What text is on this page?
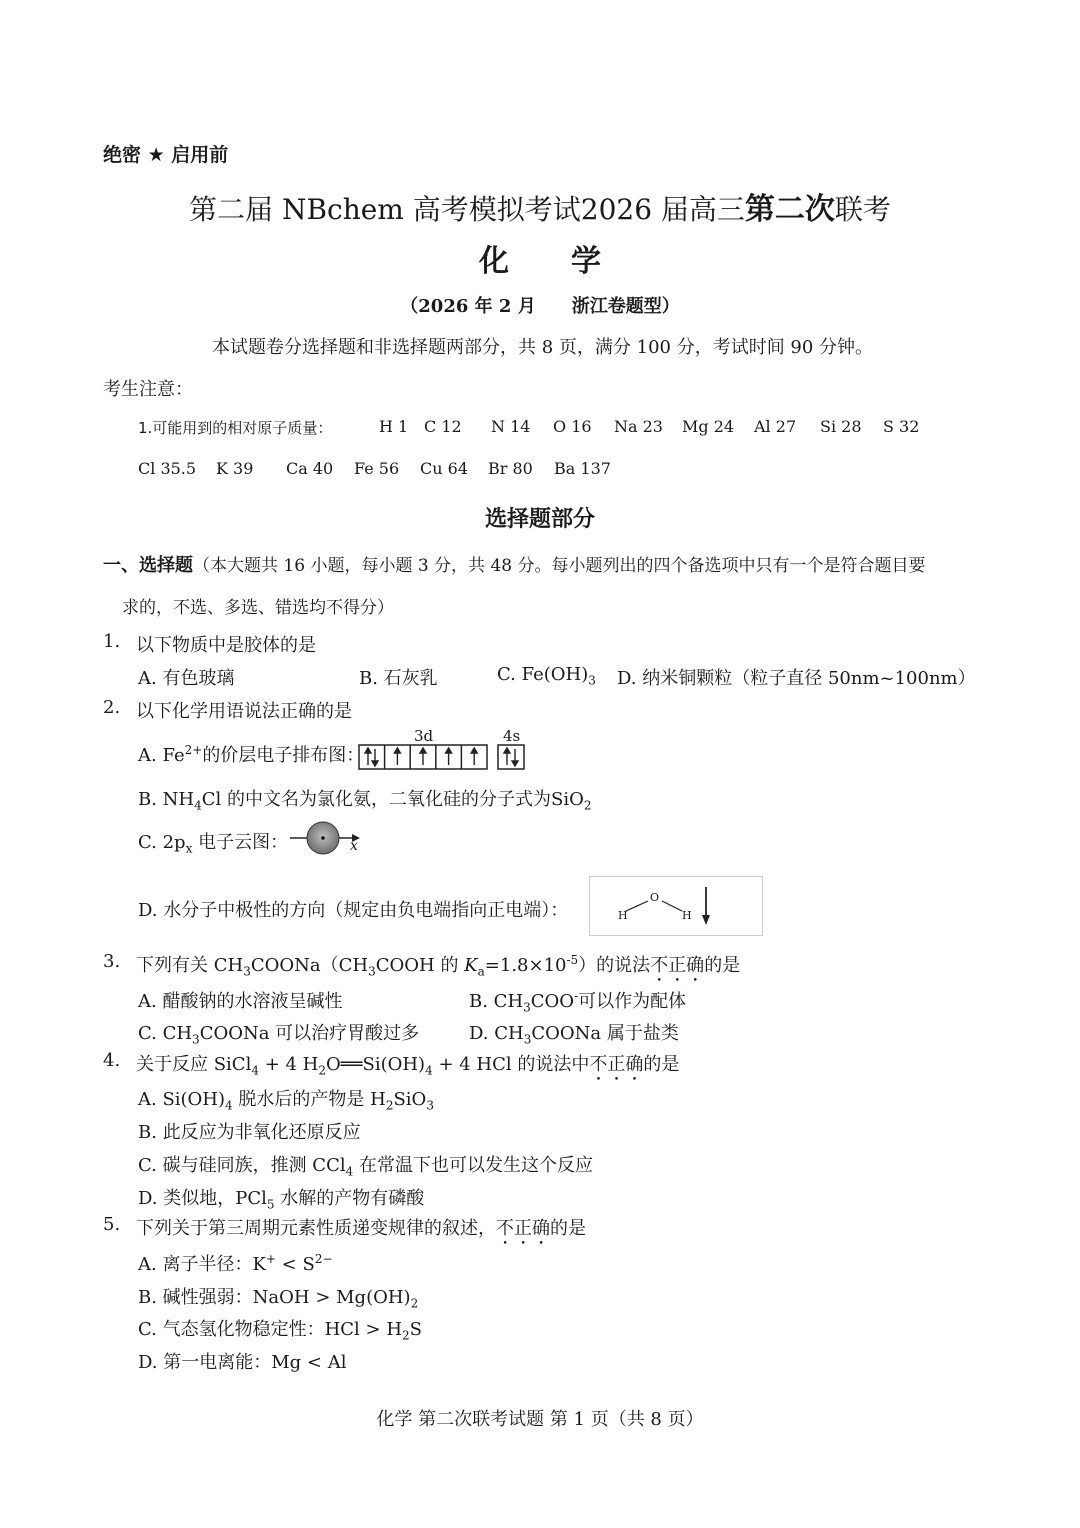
绝密 ★ 启用前
第二届 NBchem 高考模拟考试2026 届高三第二次联考
化学
（2026 年 2 月　　浙江卷题型）
本试题卷分选择题和非选择题两部分，共 8 页，满分 100 分，考试时间 90 分钟。
考生注意：
1.可能用到的相对原子质量：	H 1 C 12 N 14 O 16 Na 23 Mg 24 Al 27 Si 28 S 32
Cl 35.5 K 39 Ca 40 Fe 56 Cu 64 Br 80 Ba 137
选择题部分
一、选择题（本大题共 16 小题，每小题 3 分，共 48 分。每小题列出的四个备选项中只有一个是符合题目要
求的，不选、多选、错选均不得分）
1. 以下物质中是胶体的是
A. 有色玻璃	B. 石灰乳	C. $Fe(OH)_3$ D. 纳米铜颗粒（粒子直径 50nm~100nm）
2. 以下化学用语说法正确的是
A. $Fe^{2+}$的价层电子排布图：
3d	4s
B. $NH_4Cl$ 的中文名为氯化氨，二氧化硅的分子式为SiO$_2$
C. $2p_x$ 电子云图：	x
D. 水分子中极性的方向（规定由负电端指向正电端）：
O
H	H
3. 下列有关 $CH_3COONa(CH_3COOH$ 的 $K_a=1.8\times 10^{-5}$）的说法不正确的是
A. 醋酸钠的水溶液呈碱性	B. $CH_3COO^-$可以作为配体
C. $CH_3COONa$ 可以治疗胃酸过多	D. $CH_3COONa$ 属于盐类
4. 关于反应 SiCl$_4$ + 4 $H_2O══Si(OH)_4 + 4$ HCl 的说法中不正确的是
A. $Si(OH)_4$ 脱水后的产物是 $H_2SiO_3$
B. 此反应为非氧化还原反应
C. 碳与硅同族，推测 CCl$_4$ 在常温下也可以发生这个反应
D. 类似地，PCl$_5$ 水解的产物有磷酸
5. 下列关于第三周期元素性质递变规律的叙述，不正确的是
A. 离子半径：$K^+ < S^{2-}$
B. 碱性强弱：NaOH > $Mg(OH)_2$
C. 气态氢化物稳定性：HCl > $H_2S$
D. 第一电离能：Mg < Al
化学 第二次联考试题 第 1 页（共 8 页）
